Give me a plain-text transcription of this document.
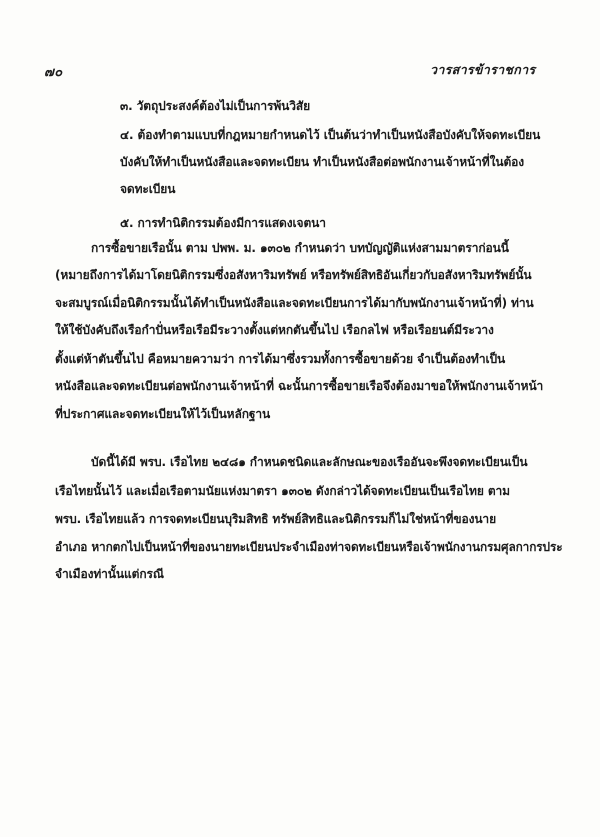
๗๐	วารสารข้าราชการ
๓. วัตถุประสงค์ต้องไม่เป็นการพ้นวิสัย
๔. ต้องทำตามแบบที่กฎหมายกำหนดไว้ เป็นต้นว่าทำเป็นหนังสือบังคับให้จดทะเบียน
บังคับให้ทำเป็นหนังสือและจดทะเบียน ทำเป็นหนังสือต่อพนักงานเจ้าหน้าที่ในต้อง
จดทะเบียน
๕. การทำนิติกรรมต้องมีการแสดงเจตนา
การซื้อขายเรือนั้น ตาม ปพพ. ม. ๑๓๐๒ กำหนดว่า บทบัญญัติแห่งสามมาตราก่อนนี้
(หมายถึงการได้มาโดยนิติกรรมซึ่งอสังหาริมทรัพย์ หรือทรัพย์สิทธิอันเกี่ยวกับอสังหาริมทรัพย์นั้น
จะสมบูรณ์เมื่อนิติกรรมนั้นได้ทำเป็นหนังสือและจดทะเบียนการได้มากับพนักงานเจ้าหน้าที่) ท่าน
ให้ใช้บังคับถึงเรือกำปั่นหรือเรือมีระวางตั้งแต่หกตันขึ้นไป เรือกลไฟ หรือเรือยนต์มีระวาง
ตั้งแต่ห้าตันขึ้นไป คือหมายความว่า การได้มาซึ่งรวมทั้งการซื้อขายด้วย จำเป็นต้องทำเป็น
หนังสือและจดทะเบียนต่อพนักงานเจ้าหน้าที่ ฉะนั้นการซื้อขายเรือจึงต้องมาขอให้พนักงานเจ้าหน้า
ที่ประกาศและจดทะเบียนให้ไว้เป็นหลักฐาน
บัดนี้ได้มี พรบ. เรือไทย ๒๔๘๑ กำหนดชนิดและลักษณะของเรืออันจะพึงจดทะเบียนเป็น
เรือไทยนั้นไว้ และเมื่อเรือตามนัยแห่งมาตรา ๑๓๐๒ ดังกล่าวได้จดทะเบียนเป็นเรือไทย ตาม
พรบ. เรือไทยแล้ว การจดทะเบียนบุริมสิทธิ ทรัพย์สิทธิและนิติกรรมก็ไม่ใช่หน้าที่ของนาย
อำเภอ หากตกไปเป็นหน้าที่ของนายทะเบียนประจำเมืองท่าจดทะเบียนหรือเจ้าพนักงานกรมศุลกากรประ
จำเมืองท่านั้นแต่กรณี
